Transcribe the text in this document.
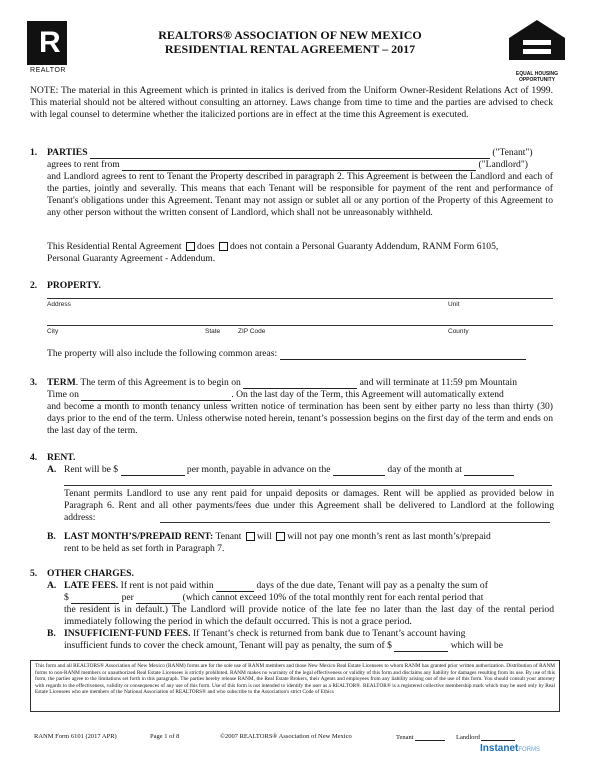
R
REALTOR
REALTORS® ASSOCIATION OF NEW MEXICO
RESIDENTIAL RENTAL AGREEMENT – 2017
EQUAL HOUSING
OPPORTUNITY

NOTE: The material in this Agreement which is printed in italics is derived from the Uniform Owner-Resident Relations Act of 1999. This material should not be altered without consulting an attorney. Laws change from time to time and the parties are advised to check with legal counsel to determine whether the italicized portions are in effect at the time this Agreement is executed.

1. PARTIES	("Tenant")
agrees to rent from	("Landlord")

and Landlord agrees to rent to Tenant the Property described in paragraph 2. This Agreement is between the Landlord and each of the parties, jointly and severally. This means that each Tenant will be responsible for payment of the rent and performance of Tenant's obligations under this Agreement. Tenant may not assign or sublet all or any portion of the Property of this Agreement to any other person without the written consent of Landlord, which shall not be unreasonably withheld.

This Residential Rental Agreement does does not contain a Personal Guaranty Addendum, RANM Form 6105,
Personal Guaranty Agreement - Addendum.
2. PROPERTY.
Address	Unit
City	State	ZIP Code	County
The property will also include the following common areas:
3. TERM. The term of this Agreement is to begin on	and will terminate at 11:59 pm Mountain
Time on	. On the last day of the Term, this Agreement will automatically extend

and become a month to month tenancy unless written notice of termination has been sent by either party no less than thirty (30) days prior to the end of the term. Unless otherwise noted herein, tenant’s possession begins on the first day of the term and ends on the last day of the term.

4. RENT.
A. Rent will be $	per month, payable in advance on the	day of the month at

Tenant permits Landlord to use any rent paid for unpaid deposits or damages. Rent will be applied as provided below in Paragraph 6. Rent and all other payments/fees due under this Agreement shall be delivered to Landlord at the following address:

B. LAST MONTH’S/PREPAID RENT: Tenant will will not pay one month’s rent as last month’s/prepaid
rent to be held as set forth in Paragraph 7.
5. OTHER CHARGES.
A. LATE FEES. If rent is not paid within	days of the due date, Tenant will pay as a penalty the sum of
$	per	(which cannot exceed 10% of the total monthly rent for each rental period that

the resident is in default.) The Landlord will provide notice of the late fee no later than the last day of the rental period immediately following the period in which the default occurred. This is not a grace period.

B. INSUFFICIENT-FUND FEES. If Tenant’s check is returned from bank due to Tenant’s account having
insufficient funds to cover the check amount, Tenant will pay as penalty, the sum of $	which will be
This form and all REALTORS® Association of New Mexico (RANM) forms are for the sole use of RANM members and those New Mexico Real Estate Licensees to whom RANM has granted prior written authorization. Distribution of RANM forms to non-RANM members or unauthorized Real Estate Licensees is strictly prohibited. RANM makes no warranty of the legal effectiveness or validity of this form and disclaims any liability for damages resulting from its use. By use of this form, the parties agree to the limitations set forth in this paragraph. The parties hereby release RANM, the Real Estate Brokers, their Agents and employees from any liability arising out of the use of this form. You should consult your attorney with regards to the effectiveness, validity or consequences of any use of this form. Use of this form is not intended to identify the user as a REALTOR®. REALTOR® is a registered collective membership mark which may be used only by Real Estate Licensees who are members of the National Association of REALTORS® and who subscribe to the Association's strict Code of Ethics
RANM Form 6101 (2017 APR)	Page 1 of 8	©2007 REALTORS® Association of New Mexico	Tenant	Landlord
InstanetFORMS
